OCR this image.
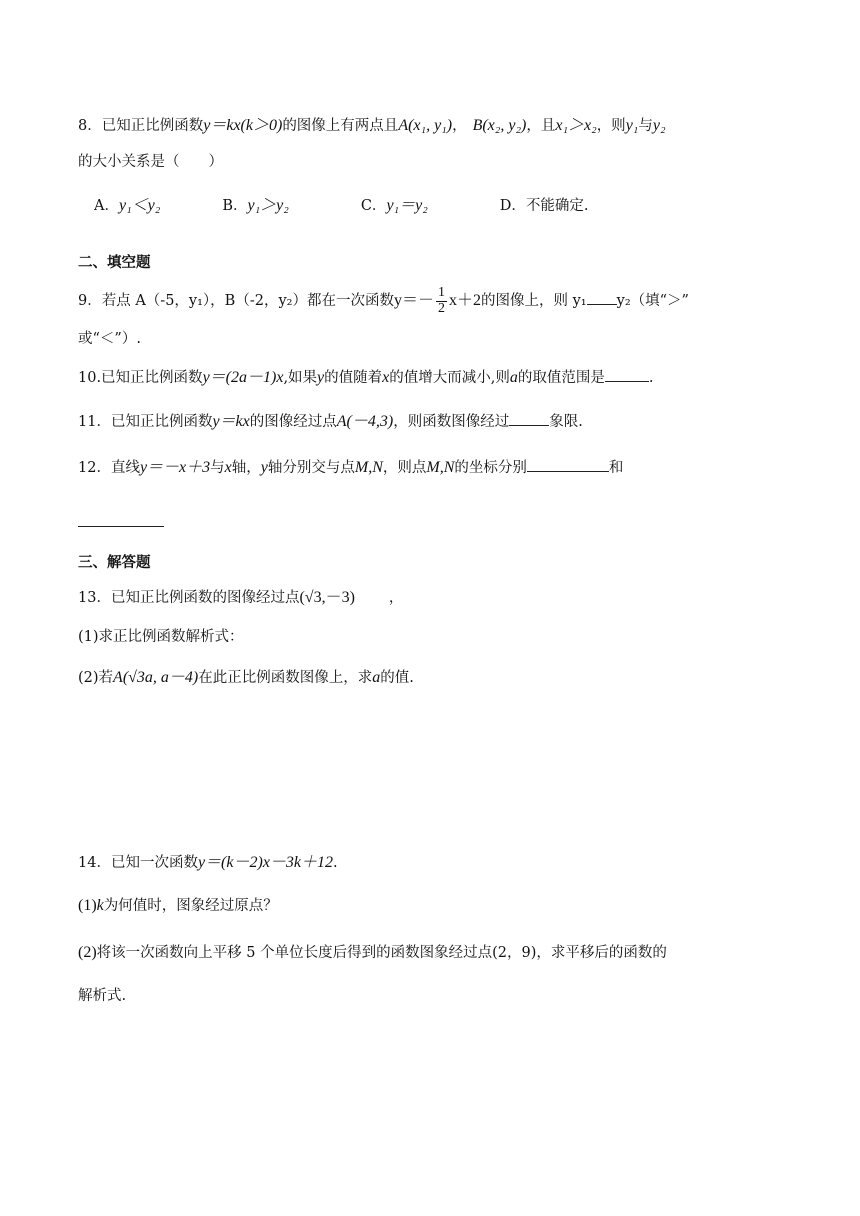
8．已知正比例函数y＝kx(k＞0)的图像上有两点且A(x₁, y₁)， B(x₂, y₂)，且x₁＞x₂，则y₁与y₂
的大小关系是（　　）
A．y₁＜y₂	B．y₁＞y₂	C．y₁＝y₂	D．不能确定.
二、填空题
9．若点 A（-5，y₁），B（-2，y₂）都在一次函数$y=- \frac{1}{2} x+2$的图像上，则 y₁ y₂（填“＞”
或“＜”）.
10.已知正比例函数y＝(2a－1)x,如果y的值随着x的值增大而减小,则a的取值范围是	.
11．已知正比例函数y＝kx的图像经过点A(－4,3)，则函数图像经过	象限.
12．直线y＝－x＋3与x轴，y轴分别交与点M,N，则点M,N的坐标分别	和
三、解答题
13．已知正比例函数的图像经过点(√3,－3) ，
(1)求正比例函数解析式：
(2)若A(√3a, a－4)在此正比例函数图像上，求a的值.
14．已知一次函数y＝(k－2)x－3k＋12.
(1)k为何值时，图象经过原点？
(2)将该一次函数向上平移 5 个单位长度后得到的函数图象经过点(2，9)，求平移后的函数的
解析式.
